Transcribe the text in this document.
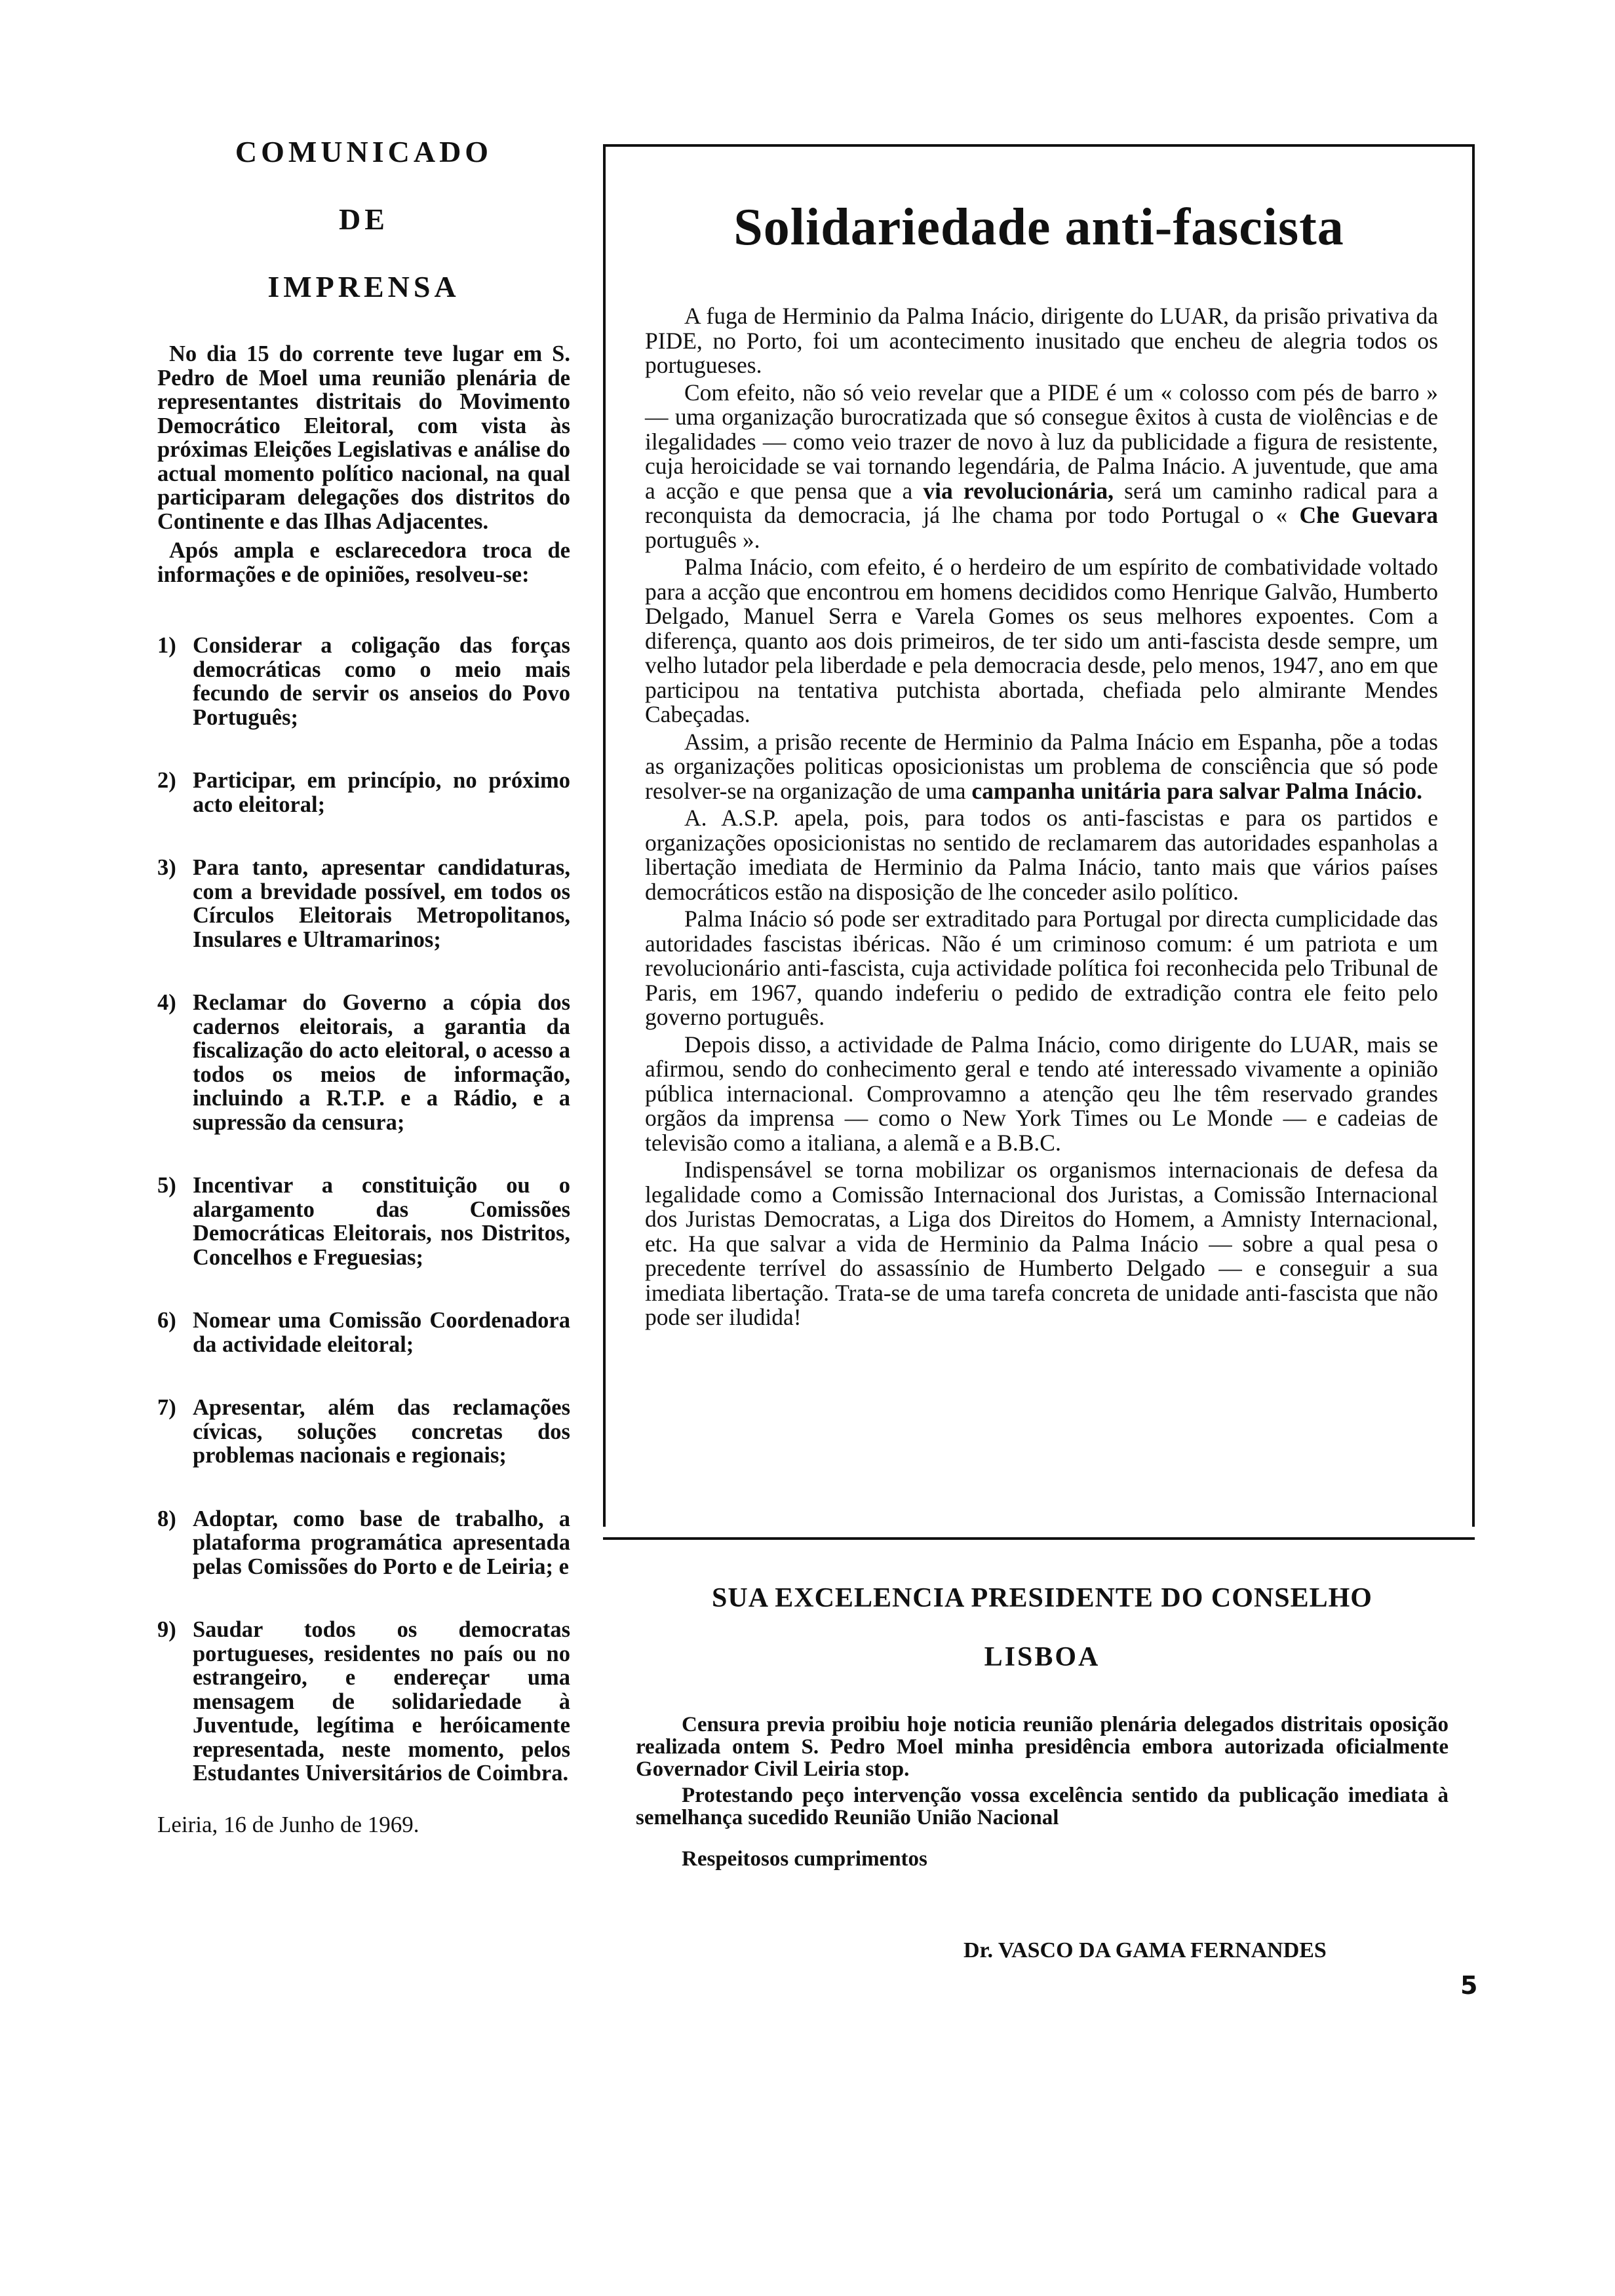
COMUNICADO

DE

IMPRENSA

No dia 15 do corrente teve lugar em S. Pedro de Moel uma reunião plenária de representantes distritais do Movimento Democrático Eleitoral, com vista às próximas Eleições Legislativas e análise do actual momento político nacional, na qual participaram delegações dos distritos do Continente e das Ilhas Adjacentes.

Após ampla e esclarecedora troca de informações e de opiniões, resolveu-se:

1) Considerar a coligação das forças democráticas como o meio mais fecundo de servir os anseios do Povo Português;
2) Participar, em princípio, no próximo acto eleitoral;
3) Para tanto, apresentar candidaturas, com a brevidade possível, em todos os Círculos Eleitorais Metropolitanos, Insulares e Ultramarinos;
4) Reclamar do Governo a cópia dos cadernos eleitorais, a garantia da fiscalização do acto eleitoral, o acesso a todos os meios de informação, incluindo a R.T.P. e a Rádio, e a supressão da censura;
5) Incentivar a constituição ou o alargamento das Comissões Democráticas Eleitorais, nos Distritos, Concelhos e Freguesias;
6) Nomear uma Comissão Coordenadora da actividade eleitoral;
7) Apresentar, além das reclamações cívicas, soluções concretas dos problemas nacionais e regionais;
8) Adoptar, como base de trabalho, a plataforma programática apresentada pelas Comissões do Porto e de Leiria; e
9) Saudar todos os democratas portugueses, residentes no país ou no estrangeiro, e endereçar uma mensagem de solidariedade à Juventude, legítima e heróicamente representada, neste momento, pelos Estudantes Universitários de Coimbra.

Leiria, 16 de Junho de 1969.

Solidariedade anti-fascista

A fuga de Herminio da Palma Inácio, dirigente do LUAR, da prisão privativa da PIDE, no Porto, foi um acontecimento inusitado que encheu de alegria todos os portugueses.

Com efeito, não só veio revelar que a PIDE é um « colosso com pés de barro » — uma organização burocratizada que só consegue êxitos à custa de violências e de ilegalidades — como veio trazer de novo à luz da publicidade a figura de resistente, cuja heroicidade se vai tornando legendária, de Palma Inácio. A juventude, que ama a acção e que pensa que a via revolucionária, será um caminho radical para a reconquista da democracia, já lhe chama por todo Portugal o « Che Guevara português ».

Palma Inácio, com efeito, é o herdeiro de um espírito de combatividade voltado para a acção que encontrou em homens decididos como Henrique Galvão, Humberto Delgado, Manuel Serra e Varela Gomes os seus melhores expoentes. Com a diferença, quanto aos dois primeiros, de ter sido um anti-fascista desde sempre, um velho lutador pela liberdade e pela democracia desde, pelo menos, 1947, ano em que participou na tentativa putchista abortada, chefiada pelo almirante Mendes Cabeçadas.

Assim, a prisão recente de Herminio da Palma Inácio em Espanha, põe a todas as organizações politicas oposicionistas um problema de consciência que só pode resolver-se na organização de uma campanha unitária para salvar Palma Inácio.

A. A.S.P. apela, pois, para todos os anti-fascistas e para os partidos e organizações oposicionistas no sentido de reclamarem das autoridades espanholas a libertação imediata de Herminio da Palma Inácio, tanto mais que vários países democráticos estão na disposição de lhe conceder asilo político.

Palma Inácio só pode ser extraditado para Portugal por directa cumplicidade das autoridades fascistas ibéricas. Não é um criminoso comum: é um patriota e um revolucionário anti-fascista, cuja actividade política foi reconhecida pelo Tribunal de Paris, em 1967, quando indeferiu o pedido de extradição contra ele feito pelo governo português.

Depois disso, a actividade de Palma Inácio, como dirigente do LUAR, mais se afirmou, sendo do conhecimento geral e tendo até interessado vivamente a opinião pública internacional. Comprovamno a atenção qeu lhe têm reservado grandes orgãos da imprensa — como o New York Times ou Le Monde — e cadeias de televisão como a italiana, a alemã e a B.B.C.

Indispensável se torna mobilizar os organismos internacionais de defesa da legalidade como a Comissão Internacional dos Juristas, a Comissão Internacional dos Juristas Democratas, a Liga dos Direitos do Homem, a Amnisty Internacional, etc. Ha que salvar a vida de Herminio da Palma Inácio — sobre a qual pesa o precedente terrível do assassínio de Humberto Delgado — e conseguir a sua imediata libertação. Trata-se de uma tarefa concreta de unidade anti-fascista que não pode ser iludida!

SUA EXCELENCIA PRESIDENTE DO CONSELHO

LISBOA

Censura previa proibiu hoje noticia reunião plenária delegados distritais oposição realizada ontem S. Pedro Moel minha presidência embora autorizada oficialmente Governador Civil Leiria stop.

Protestando peço intervenção vossa excelência sentido da publicação imediata à semelhança sucedido Reunião União Nacional

Respeitosos cumprimentos

Dr. VASCO DA GAMA FERNANDES

5
